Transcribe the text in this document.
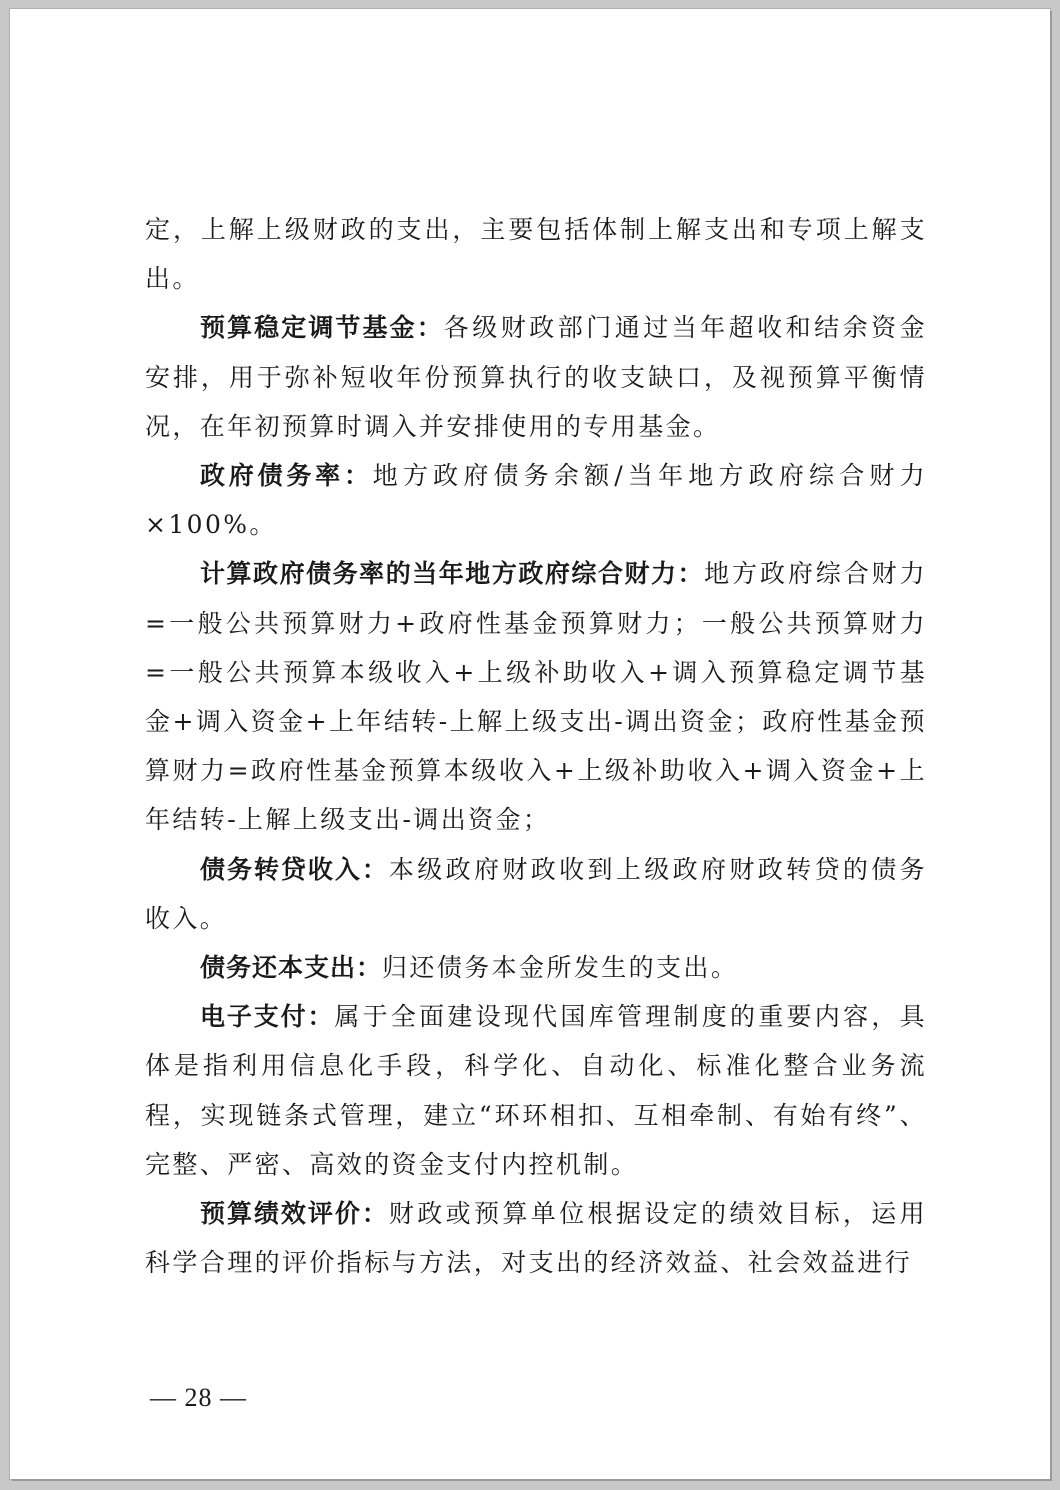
定，上解上级财政的支出，主要包括体制上解支出和专项上解支出。

预算稳定调节基金：各级财政部门通过当年超收和结余资金安排，用于弥补短收年份预算执行的收支缺口，及视预算平衡情况，在年初预算时调入并安排使用的专用基金。

政府债务率：地方政府债务余额/当年地方政府综合财力×100%。

计算政府债务率的当年地方政府综合财力：地方政府综合财力=一般公共预算财力+政府性基金预算财力；一般公共预算财力=一般公共预算本级收入+上级补助收入+调入预算稳定调节基金+调入资金+上年结转-上解上级支出-调出资金；政府性基金预算财力=政府性基金预算本级收入+上级补助收入+调入资金+上年结转-上解上级支出-调出资金；

债务转贷收入：本级政府财政收到上级政府财政转贷的债务收入。

债务还本支出：归还债务本金所发生的支出。

电子支付：属于全面建设现代国库管理制度的重要内容，具体是指利用信息化手段，科学化、自动化、标准化整合业务流程，实现链条式管理，建立“环环相扣、互相牵制、有始有终”、完整、严密、高效的资金支付内控机制。

预算绩效评价：财政或预算单位根据设定的绩效目标，运用科学合理的评价指标与方法，对支出的经济效益、社会效益进行

— 28 —
